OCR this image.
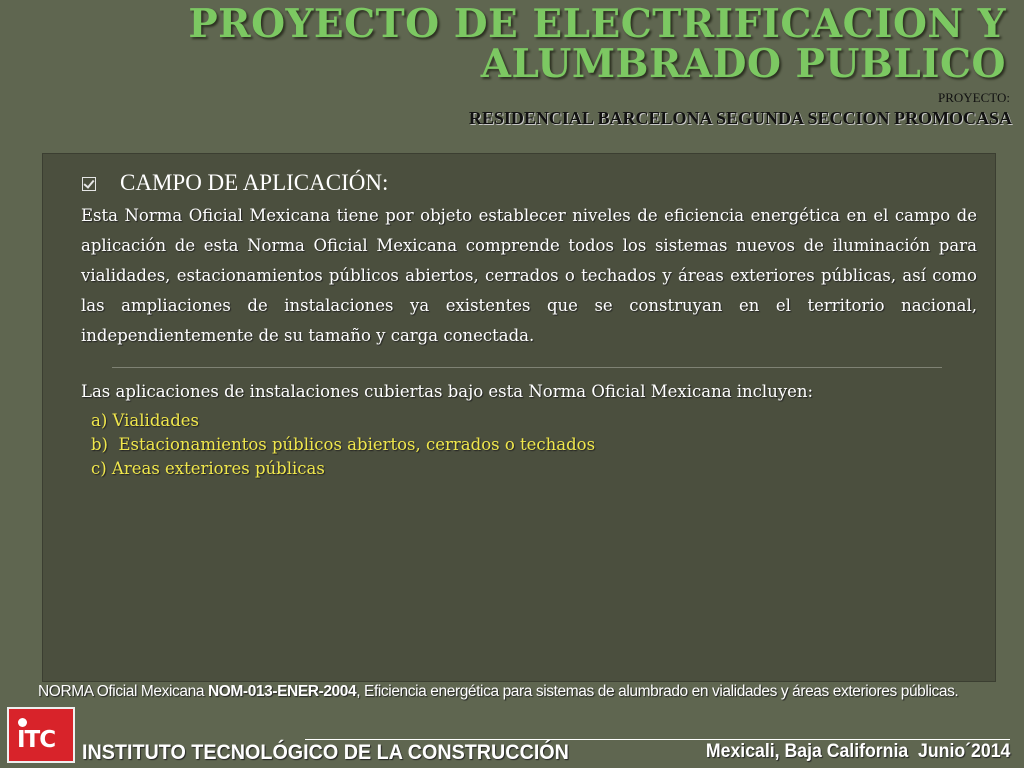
PROYECTO DE ELECTRIFICACION Y ALUMBRADO PUBLICO
PROYECTO:
RESIDENCIAL BARCELONA SEGUNDA SECCION PROMOCASA
CAMPO DE APLICACIÓN:
Esta Norma Oficial Mexicana tiene por objeto establecer niveles de eficiencia energética en el campo de aplicación de esta Norma Oficial Mexicana comprende todos los sistemas nuevos de iluminación para vialidades, estacionamientos públicos abiertos, cerrados o techados y áreas exteriores públicas, así como las ampliaciones de instalaciones ya existentes que se construyan en el territorio nacional, independientemente de su tamaño y carga conectada.
Las aplicaciones de instalaciones cubiertas bajo esta Norma Oficial Mexicana incluyen:
a) Vialidades
b)  Estacionamientos públicos abiertos, cerrados o techados
c) Areas exteriores públicas
NORMA Oficial Mexicana NOM-013-ENER-2004, Eficiencia energética para sistemas de alumbrado en vialidades y áreas exteriores públicas.
ITC INSTITUTO TECNOLÓGICO DE LA CONSTRUCCIÓN	Mexicali, Baja California  Junio´2014
